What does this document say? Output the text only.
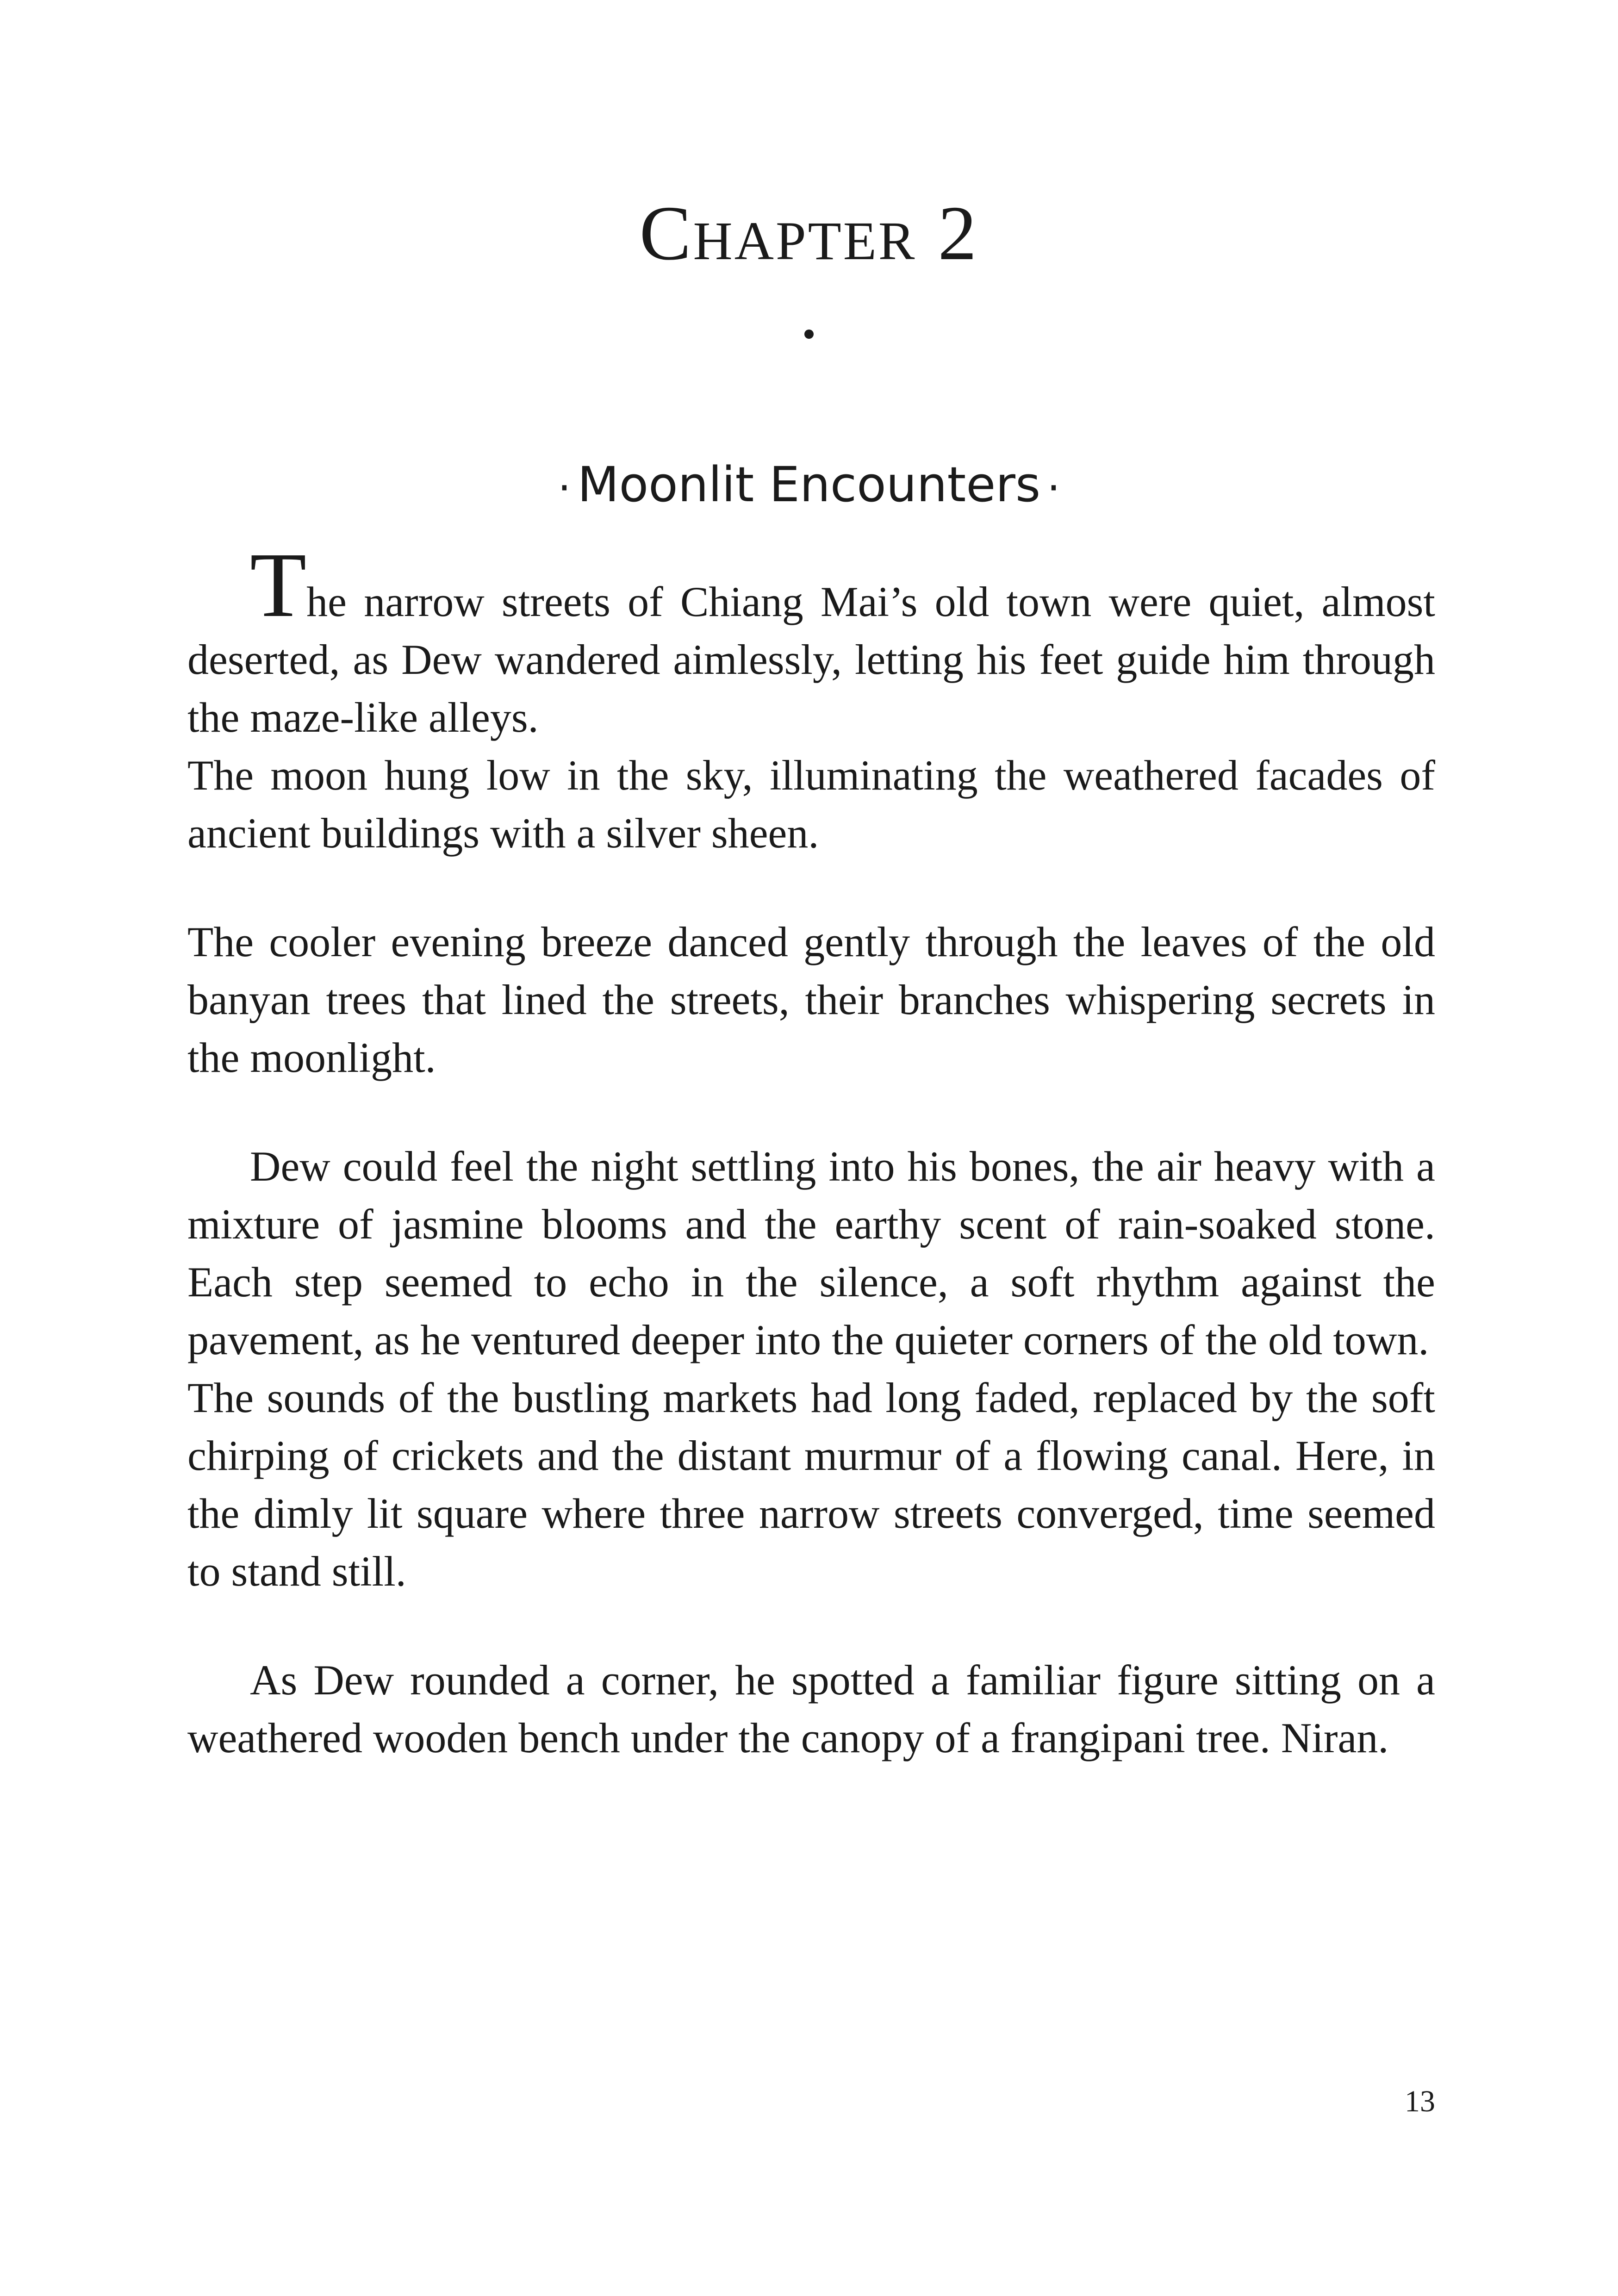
Chapter 2
· Moonlit Encounters ·

The narrow streets of Chiang Mai’s old town were quiet, almost deserted, as Dew wandered aimlessly, letting his feet guide him through the maze-like alleys.

The moon hung low in the sky, illuminating the weathered facades of ancient buildings with a silver sheen.

The cooler evening breeze danced gently through the leaves of the old banyan trees that lined the streets, their branches whispering secrets in the moonlight.

Dew could feel the night settling into his bones, the air heavy with a mixture of jasmine blooms and the earthy scent of rain-soaked stone. Each step seemed to echo in the silence, a soft rhythm against the pavement, as he ventured deeper into the quieter corners of the old town.

The sounds of the bustling markets had long faded, replaced by the soft chirping of crickets and the distant murmur of a flowing canal. Here, in the dimly lit square where three narrow streets converged, time seemed to stand still.

As Dew rounded a corner, he spotted a familiar figure sitting on a weathered wooden bench under the canopy of a frangipani tree. Niran.

13
